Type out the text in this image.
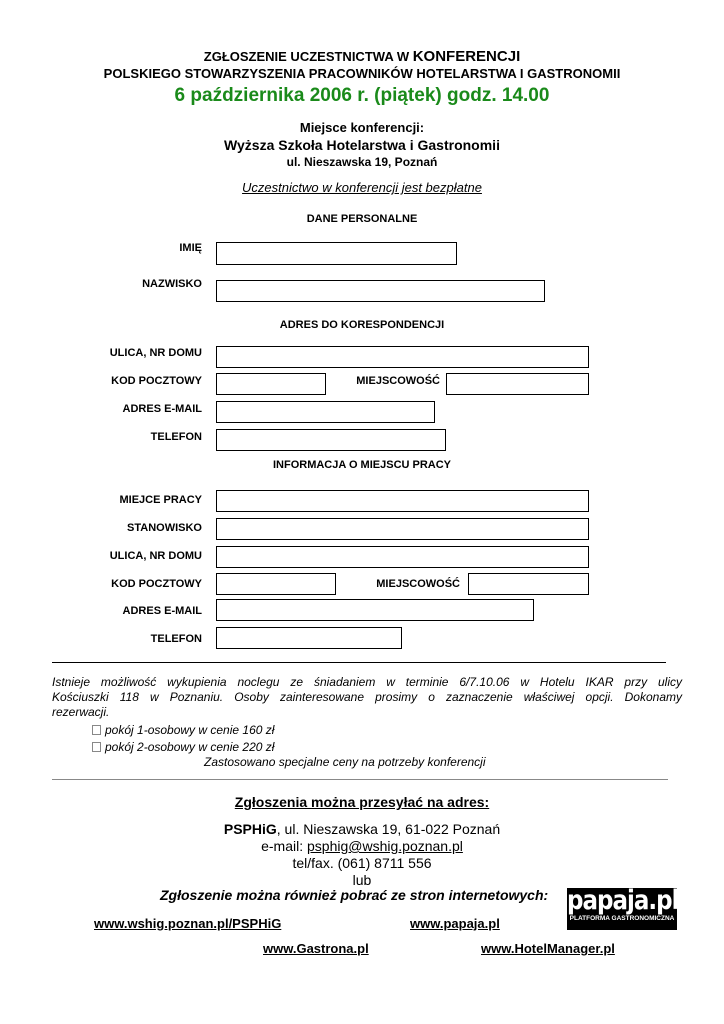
ZGŁOSZENIE UCZESTNICTWA W KONFERENCJI
POLSKIEGO STOWARZYSZENIA PRACOWNIKÓW HOTELARSTWA I GASTRONOMII
6 października 2006 r. (piątek) godz. 14.00
Miejsce konferencji:
Wyższa Szkoła Hotelarstwa i Gastronomii
ul. Nieszawska 19, Poznań
Uczestnictwo w konferencji jest bezpłatne
DANE PERSONALNE
IMIĘ
NAZWISKO
ADRES DO KORESPONDENCJI
ULICA, NR DOMU
KOD POCZTOWY	MIEJSCOWOŚĆ
ADRES E-MAIL
TELEFON
INFORMACJA O MIEJSCU PRACY
MIEJCE PRACY
STANOWISKO
ULICA, NR DOMU
KOD POCZTOWY	MIEJSCOWOŚĆ
ADRES E-MAIL
TELEFON
Istnieje możliwość wykupienia noclegu ze śniadaniem w terminie 6/7.10.06 w Hotelu IKAR przy ulicy
Kościuszki 118 w Poznaniu. Osoby zainteresowane prosimy o zaznaczenie właściwej opcji. Dokonamy
rezerwacji.
pokój 1-osobowy w cenie 160 zł
pokój 2-osobowy w cenie 220 zł
Zastosowano specjalne ceny na potrzeby konferencji
Zgłoszenia można przesyłać na adres:
PSPHiG, ul. Nieszawska 19, 61-022 Poznań
e-mail: psphig@wshig.poznan.pl
tel/fax. (061) 8711 556
lub
Zgłoszenie można również pobrać ze stron internetowych: papaja.pl
PLATFORMA GASTRONOMICZNA
www.wshig.poznan.pl/PSPHiG	www.papaja.pl
www.Gastrona.pl	www.HotelManager.pl
